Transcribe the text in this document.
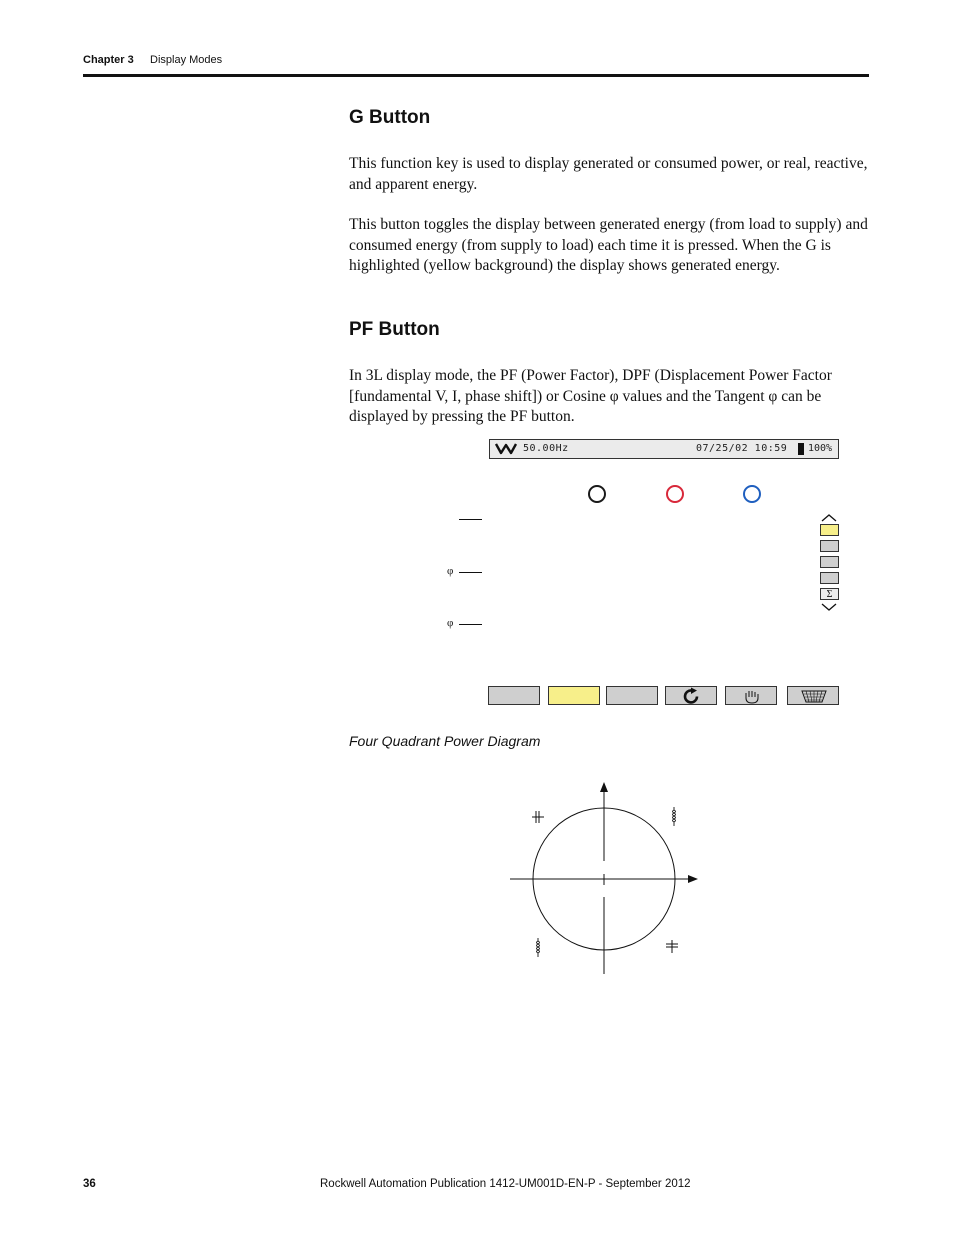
Chapter 3 Display Modes
G Button
This function key is used to display generated or consumed power, or real, reactive, and apparent energy.
This button toggles the display between generated energy (from load to supply) and consumed energy (from supply to load) each time it is pressed. When the G is highlighted (yellow background) the display shows generated energy.
PF Button
In 3L display mode, the PF (Power Factor), DPF (Displacement Power Factor [fundamental V, I, phase shift]) or Cosine φ values and the Tangent φ can be displayed by pressing the PF button.
50.00Hz	07/25/02 10:59 100%
φ
φ
Σ
Four Quadrant Power Diagram
36	Rockwell Automation Publication 1412-UM001D-EN-P - September 2012
